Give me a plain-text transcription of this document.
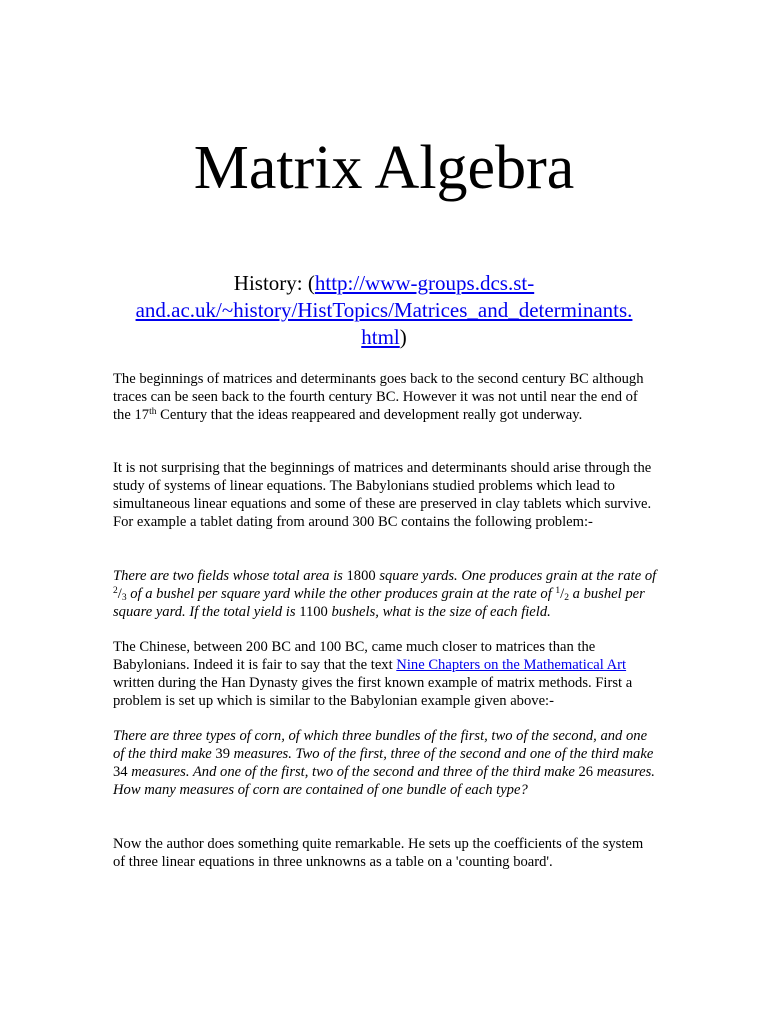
Matrix Algebra
History: (http://www-groups.dcs.st-
and.ac.uk/~history/HistTopics/Matrices_and_determinants.
html)

The beginnings of matrices and determinants goes back to the second century BC although traces can be seen back to the fourth century BC. However it was not until near the end of the 17th Century that the ideas reappeared and development really got underway.

It is not surprising that the beginnings of matrices and determinants should arise through the study of systems of linear equations. The Babylonians studied problems which lead to simultaneous linear equations and some of these are preserved in clay tablets which survive. For example a tablet dating from around 300 BC contains the following problem:-

There are two fields whose total area is 1800 square yards. One produces grain at the rate of $^2/_3$ of a bushel per square yard while the other produces grain at the rate of $^1/_2$ a bushel per square yard. If the total yield is 1100 bushels, what is the size of each field.

The Chinese, between 200 BC and 100 BC, came much closer to matrices than the Babylonians. Indeed it is fair to say that the text Nine Chapters on the Mathematical Art written during the Han Dynasty gives the first known example of matrix methods. First a problem is set up which is similar to the Babylonian example given above:-

There are three types of corn, of which three bundles of the first, two of the second, and one of the third make 39 measures. Two of the first, three of the second and one of the third make 34 measures. And one of the first, two of the second and three of the third make 26 measures. How many measures of corn are contained of one bundle of each type?

Now the author does something quite remarkable. He sets up the coefficients of the system of three linear equations in three unknowns as a table on a 'counting board'.
